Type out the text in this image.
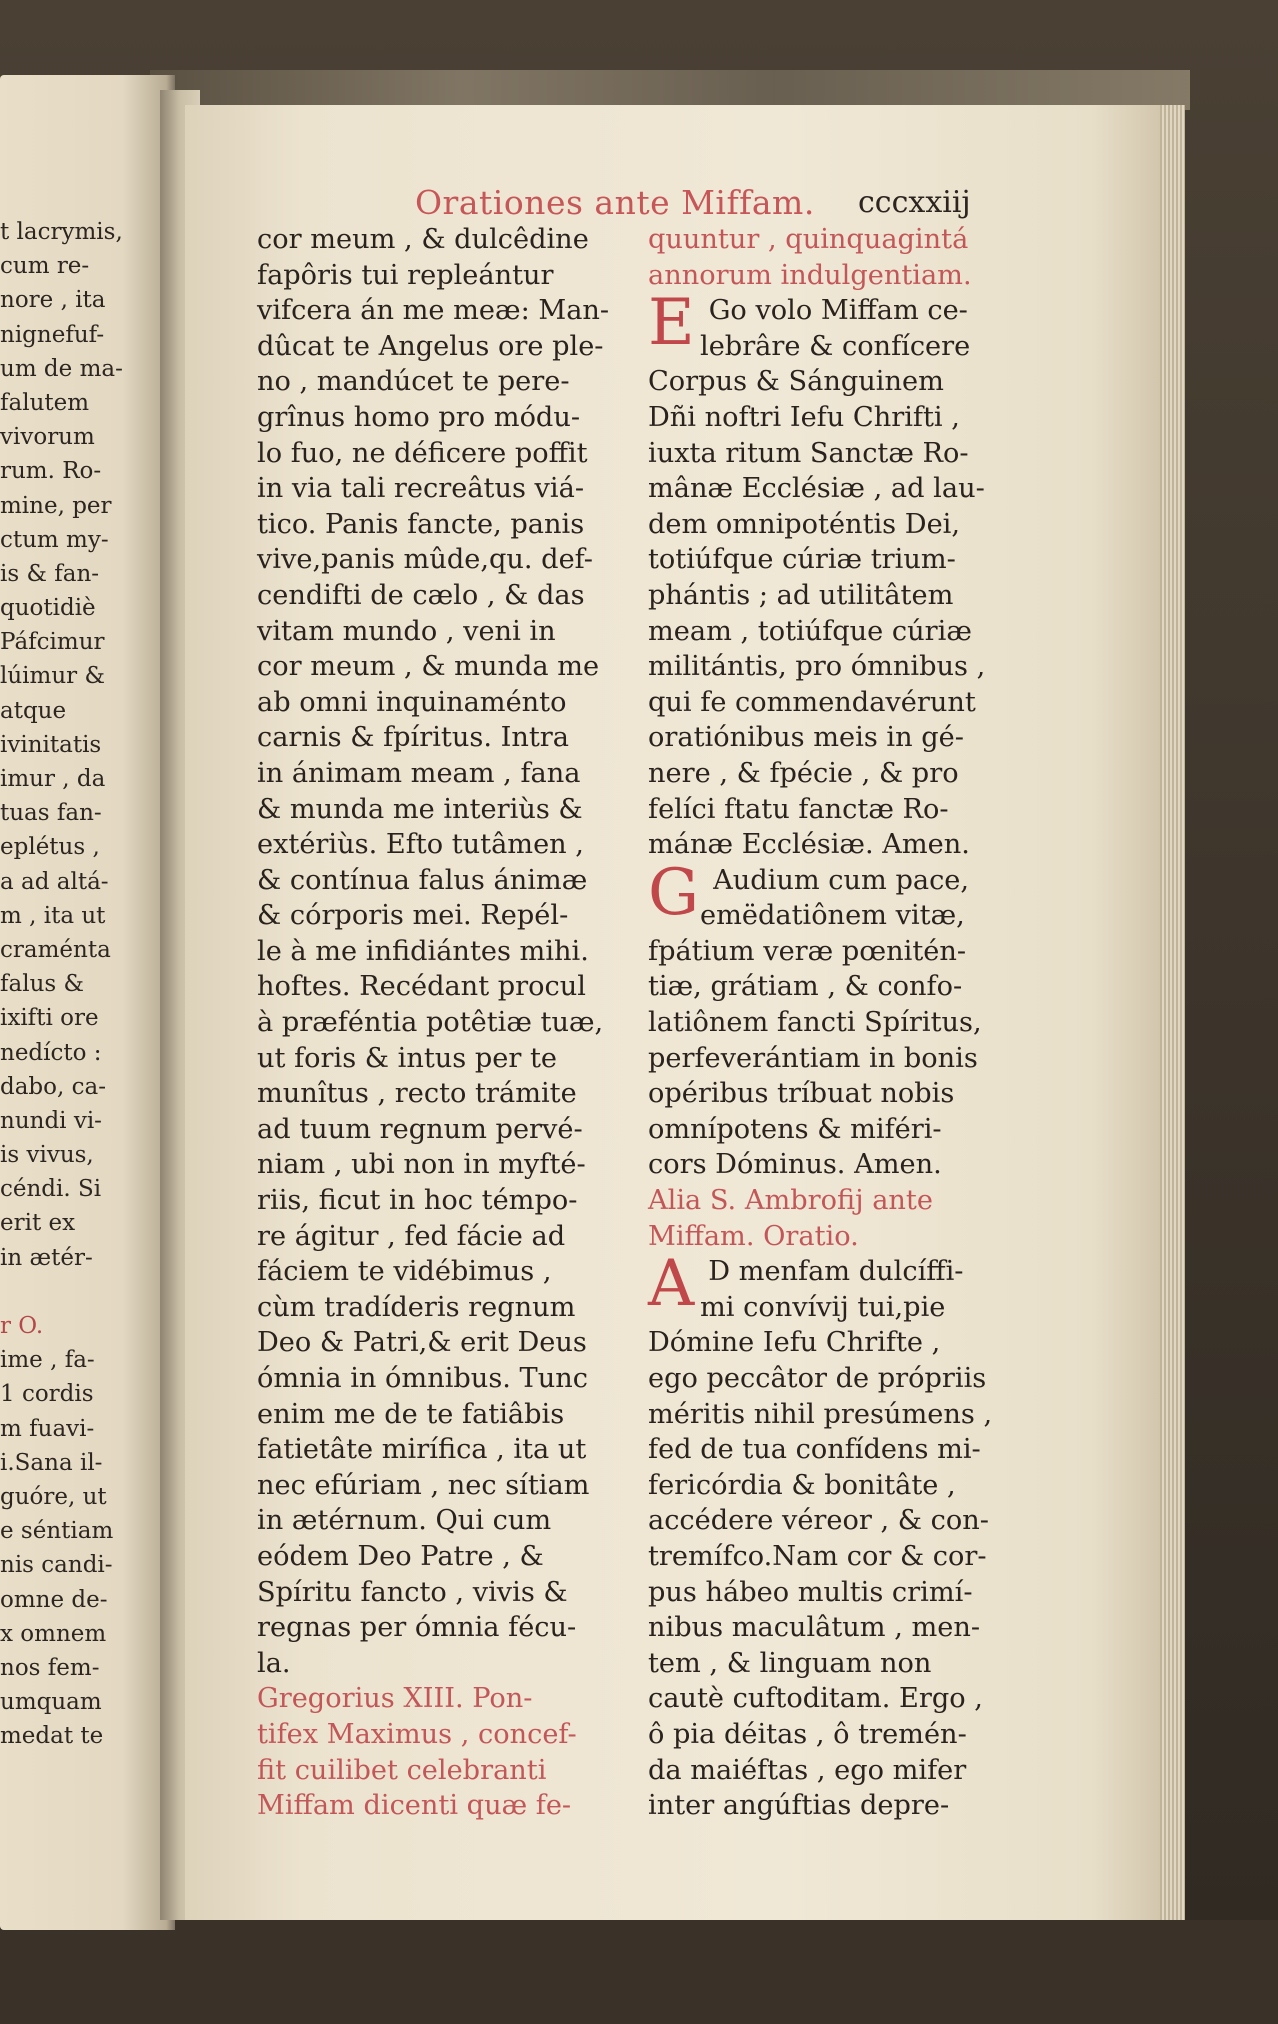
t lacrymis,
cum re-
nore , ita
nignefuf-
um de ma-
falutem
vivorum
rum. Ro-
mine, per
ctum my-
is & fan-
quotidiè
Páfcimur
lúimur &
atque
ivinitatis
imur , da
tuas fan-
eplétus ,
a ad altá-
m , ita ut
craménta
falus &
ixifti ore
nedícto :
dabo, ca-
nundi vi-
is vivus,
céndi. Si
erit ex
in ætér-
r O.
ime , fa-
1 cordis
m fuavi-
i.Sana il-
guóre, ut
e séntiam
nis candi-
omne de-
x omnem
nos fem-
umquam
medat te
Orationes ante Miffam.	cccxxiij
cor meum , & dulcêdine
fapôris tui repleántur
vifcera án me meæ: Man-
dûcat te Angelus ore ple-
no , mandúcet te pere-
grînus homo pro módu-
lo fuo, ne déficere poffit
in via tali recreâtus viá-
tico. Panis fancte, panis
vive,panis mûde,qu. def-
cendifti de cælo , & das
vitam mundo , veni in
cor meum , & munda me
ab omni inquinaménto
carnis & fpíritus. Intra
in ánimam meam , fana
& munda me interiùs &
extériùs. Efto tutâmen ,
& contínua falus ánimæ
& córporis mei. Repél-
le à me infidiántes mihi.
hoftes. Recédant procul
à præféntia potêtiæ tuæ,
ut foris & intus per te
munîtus , recto trámite
ad tuum regnum pervé-
niam , ubi non in myfté-
riis, ficut in hoc témpo-
re ágitur , fed fácie ad
fáciem te vidébimus ,
cùm tradíderis regnum
Deo & Patri,& erit Deus
ómnia in ómnibus. Tunc
enim me de te fatiâbis
fatietâte mirífica , ita ut
nec efúriam , nec sítiam
in ætérnum. Qui cum
eódem Deo Patre , &
Spíritu fancto , vivis &
regnas per ómnia fécu-
la.
Gregorius XIII. Pon-
tifex Maximus , concef-
fit cuilibet celebranti
Miffam dicenti quæ fe-
quuntur , quinquagintá
annorum indulgentiam.
E Go volo Miffam ce-
lebrâre & confícere
Corpus & Sánguinem
Dñi noftri Iefu Chrifti ,
iuxta ritum Sanctæ Ro-
mânæ Ecclésiæ , ad lau-
dem omnipoténtis Dei,
totiúfque cúriæ trium-
phántis ; ad utilitâtem
meam , totiúfque cúriæ
militántis, pro ómnibus ,
qui fe commendavérunt
oratiónibus meis in gé-
nere , & fpécie , & pro
felíci ftatu fanctæ Ro-
mánæ Ecclésiæ. Amen.
G Audium cum pace,
emëdatiônem vitæ,
fpátium veræ pœnitén-
tiæ, grátiam , & confo-
latiônem fancti Spíritus,
perfeverántiam in bonis
opéribus tríbuat nobis
omnípotens & miféri-
cors Dóminus. Amen.
Alia S. Ambrofij ante
Miffam. Oratio.
A D menfam dulcíffi-
mi convívij tui,pie
Dómine Iefu Chrifte ,
ego peccâtor de própriis
méritis nihil presúmens ,
fed de tua confídens mi-
fericórdia & bonitâte ,
accédere véreor , & con-
tremífco.Nam cor & cor-
pus hábeo multis crimí-
nibus maculâtum , men-
tem , & linguam non
cautè cuftoditam. Ergo ,
ô pia déitas , ô tremén-
da maiéftas , ego mifer
inter angúftias depre-
